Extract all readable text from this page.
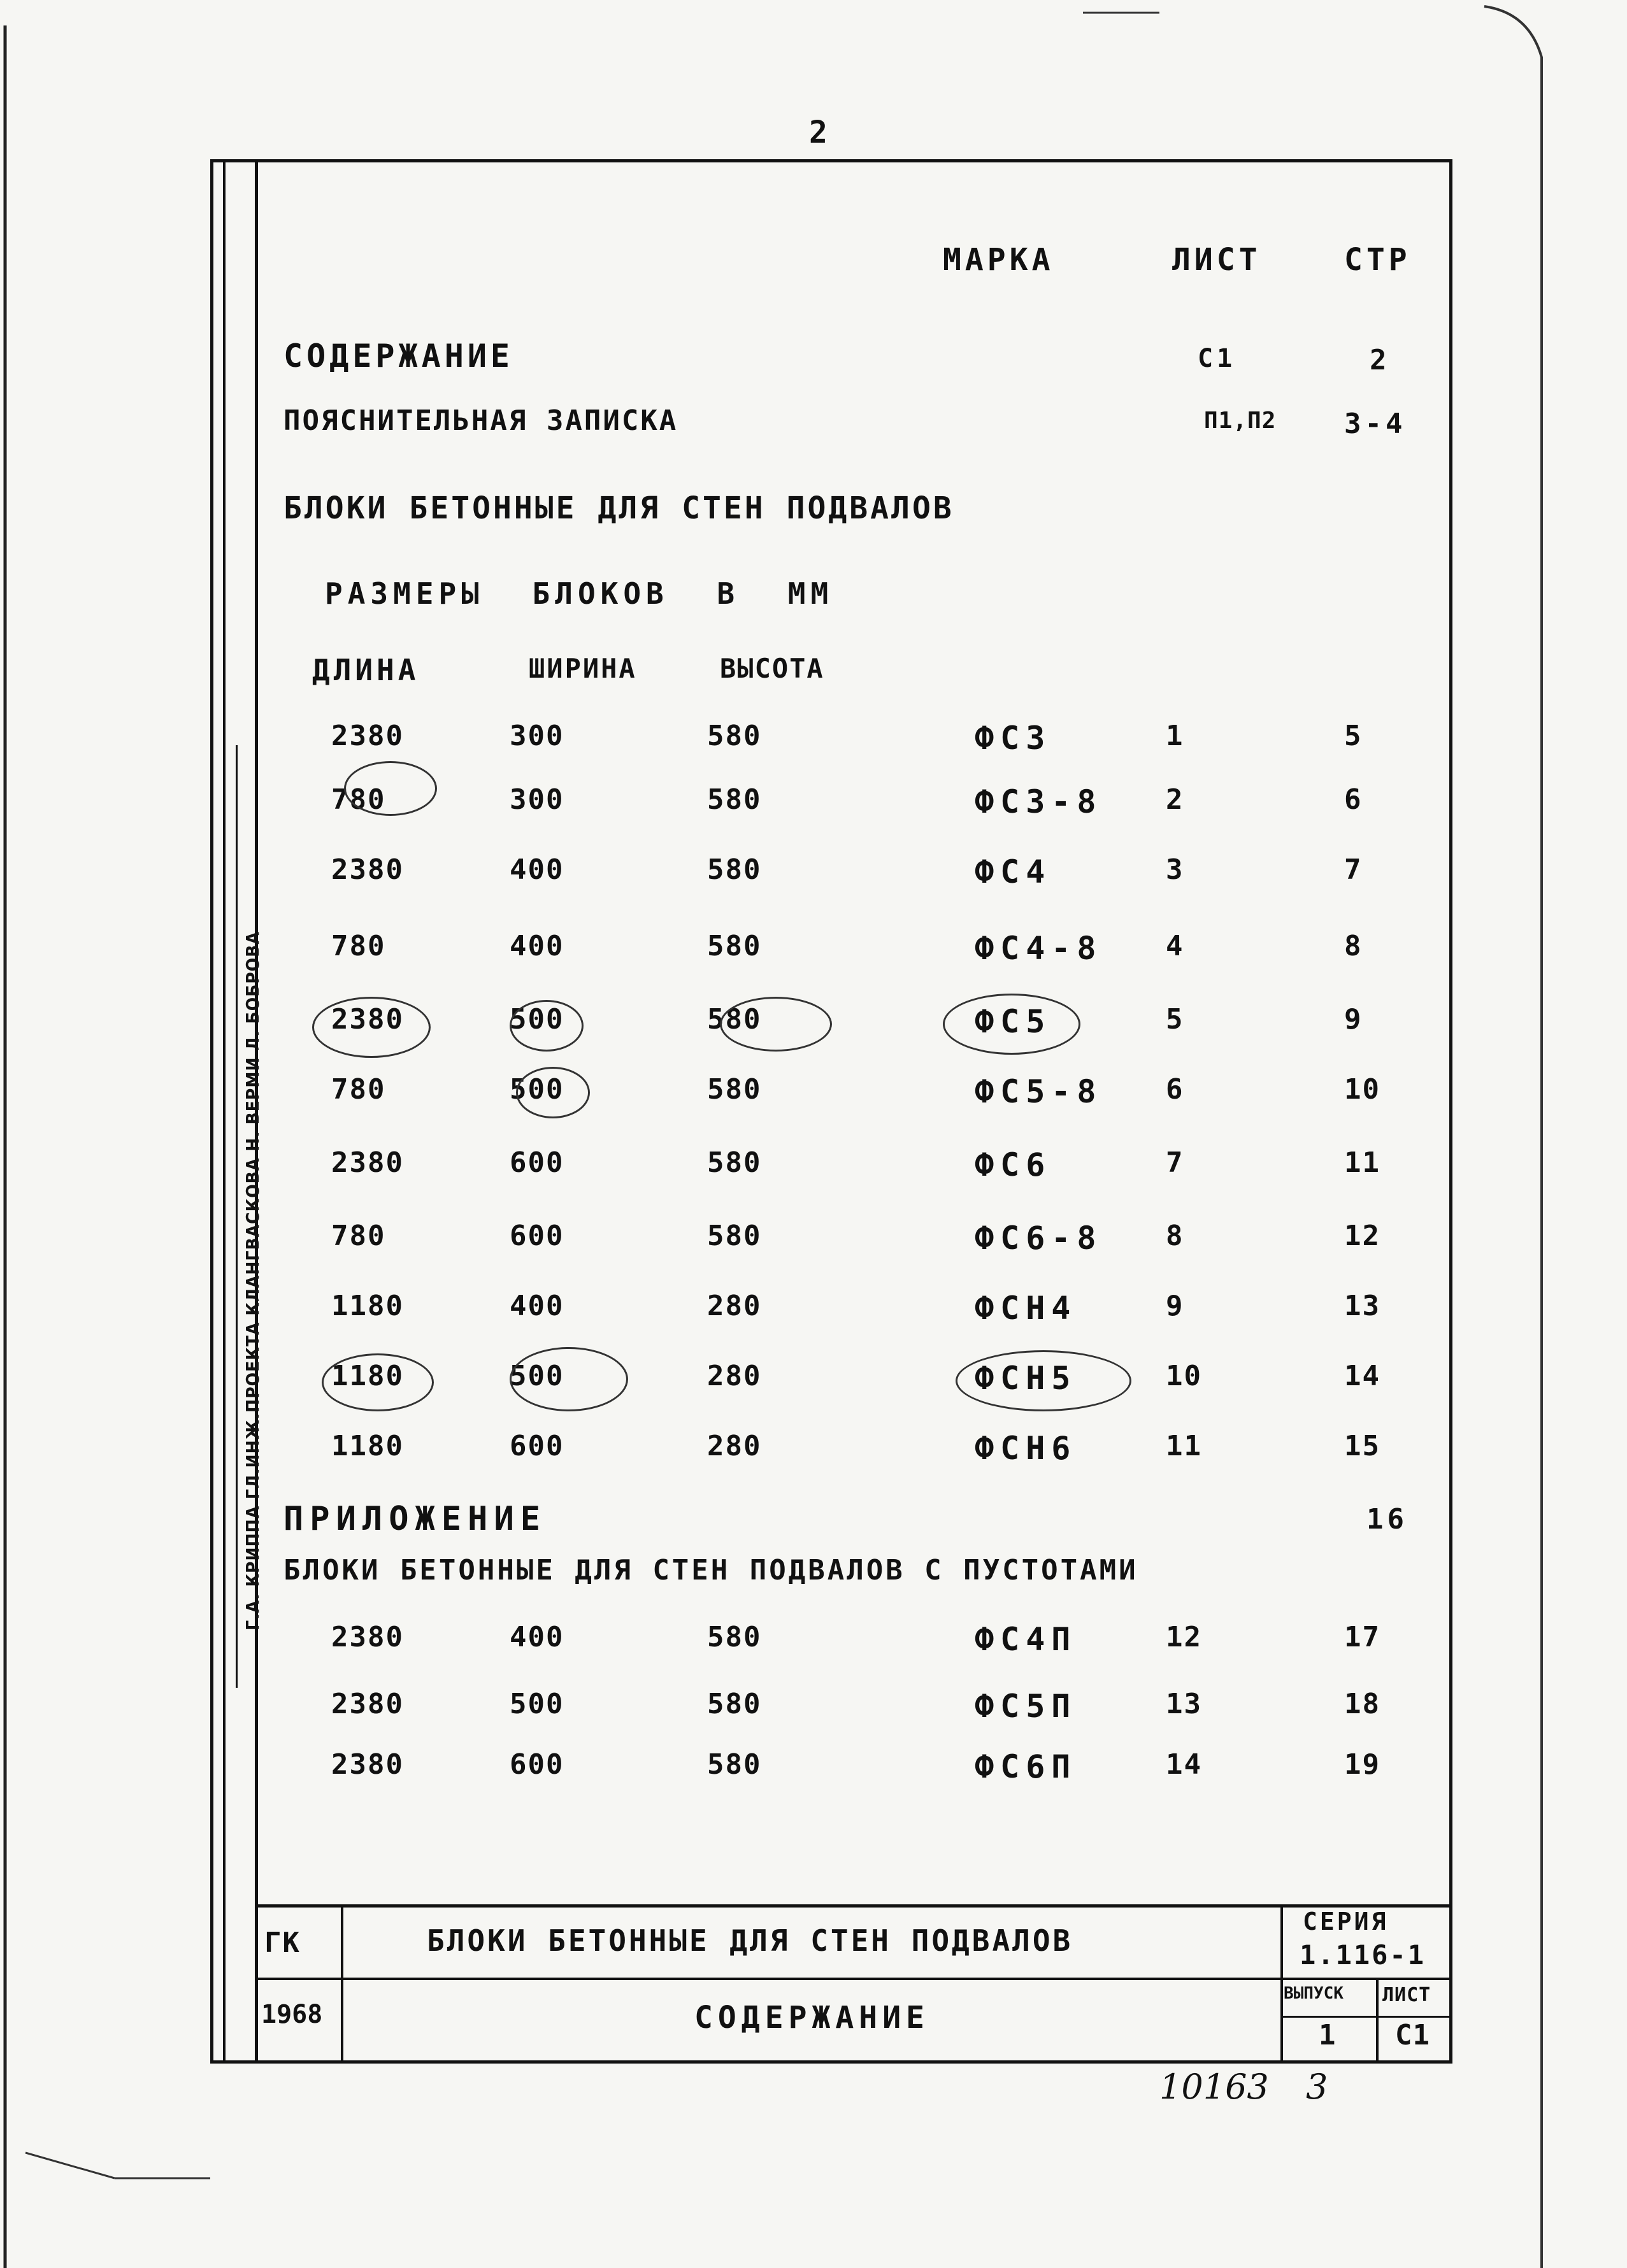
2
Г.А. КРИППА ГЛ.ИНЖ.ПРОЕКТА КЛАНГВАСКОВА Н. ВЕРМИ Л. БОБРОВА
МАРКА	ЛИСТ	СТР
СОДЕРЖАНИЕ	С1	2
ПОЯСНИТЕЛЬНАЯ ЗАПИСКА	П1,П2 3-4
БЛОКИ БЕТОННЫЕ ДЛЯ СТЕН ПОДВАЛОВ
РАЗМЕРЫ БЛОКОВ В ММ
ДЛИНА	ШИРИНА	ВЫСОТА
2380	300	580	ФС3	1	5
780	300	580	ФС3-8 2	6
2380	400	580	ФС4	3	7
780	400	580	ФС4-8 4	8
2380	500	580	ФС5	5	9
780	500	580	ФС5-8 6	10
2380	600	580	ФС6	7	11
780	600	580	ФС6-8 8	12
1180	400	280	ФСН4	9	13
1180	500	280	ФСН5	10	14
1180	600	280	ФСН6	11	15
ПРИЛОЖЕНИЕ	16
БЛОКИ БЕТОННЫЕ ДЛЯ СТЕН ПОДВАЛОВ С ПУСТОТАМИ
2380	400	580	ФС4П	12	17
2380	500	580	ФС5П	13	18
2380	600	580	ФС6П	14	19
ГК
1968
БЛОКИ БЕТОННЫЕ ДЛЯ СТЕН ПОДВАЛОВ
СОДЕРЖАНИЕ
СЕРИЯ
1.116-1
ВЫПУСК ЛИСТ
1 С1
10163 3
